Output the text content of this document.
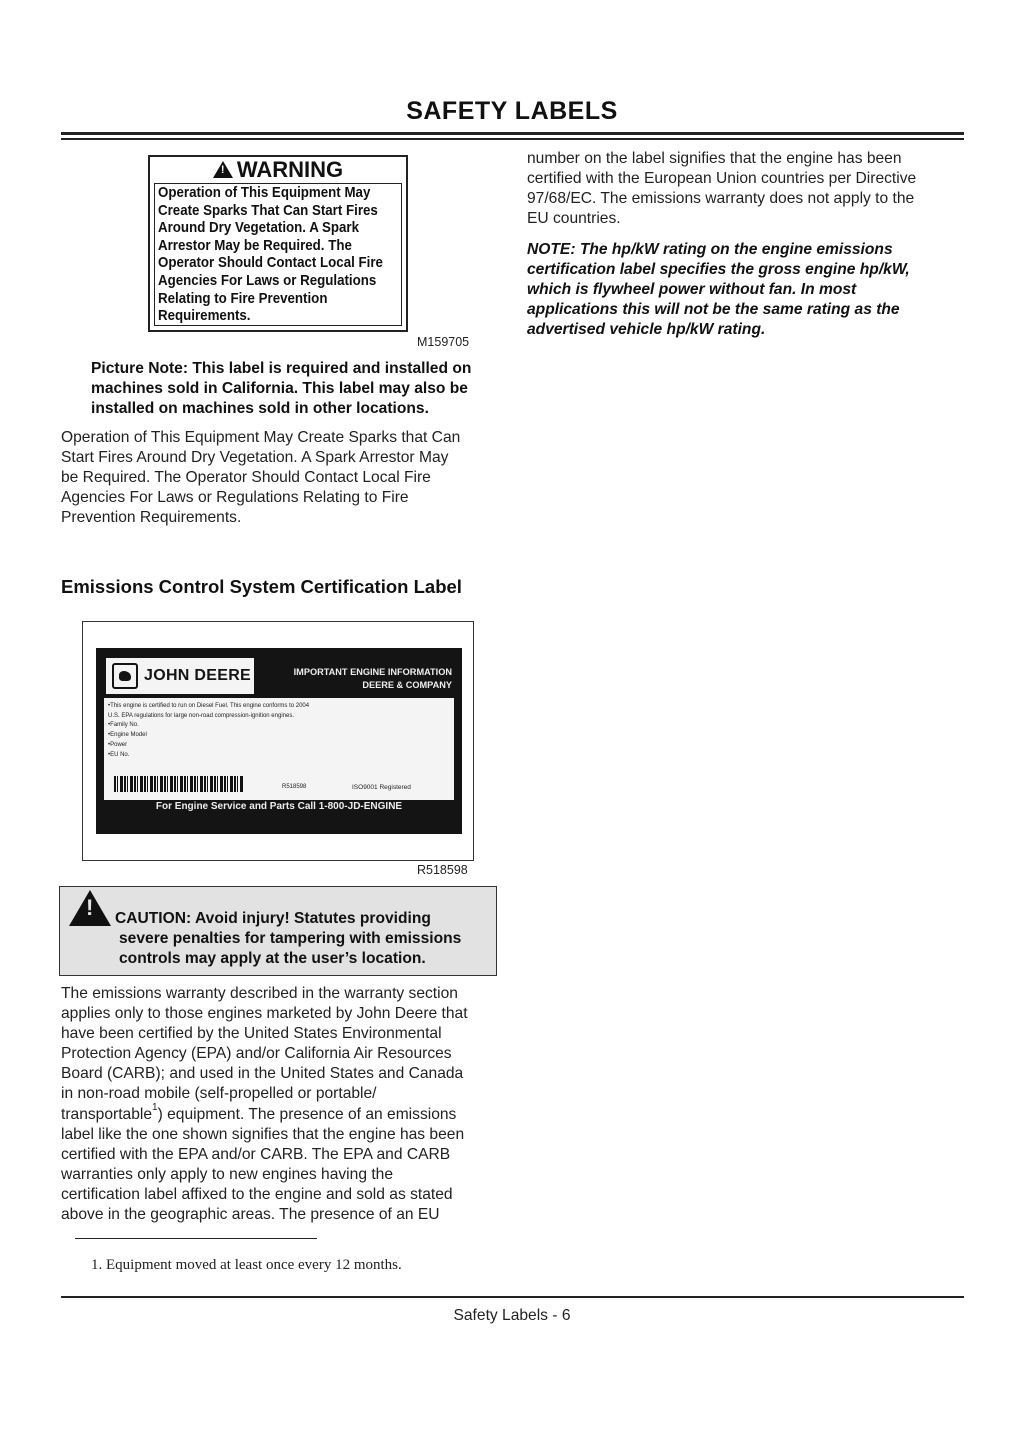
SAFETY LABELS
! WARNING
Operation of This Equipment May
Create Sparks That Can Start Fires
Around Dry Vegetation. A Spark
Arrestor May be Required. The
Operator Should Contact Local Fire
Agencies For Laws or Regulations
Relating to Fire Prevention
Requirements.
M159705
Picture Note: This label is required and installed on
machines sold in California. This label may also be
installed on machines sold in other locations.
Operation of This Equipment May Create Sparks that Can
Start Fires Around Dry Vegetation. A Spark Arrestor May
be Required. The Operator Should Contact Local Fire
Agencies For Laws or Regulations Relating to Fire
Prevention Requirements.
Emissions Control System Certification Label
JOHN DEERE	IMPORTANT ENGINE INFORMATION
DEERE & COMPANY
•This engine is certified to run on Diesel Fuel. This engine conforms to 2004
U.S. EPA regulations for large non-road compression-ignition engines.
•Family No.
•Engine Model
•Power
•EU No.
R518598	ISO9001 Registered
For Engine Service and Parts Call 1-800-JD-ENGINE
R518598
! CAUTION: Avoid injury! Statutes providing
severe penalties for tampering with emissions
controls may apply at the user’s location.
The emissions warranty described in the warranty section
applies only to those engines marketed by John Deere that
have been certified by the United States Environmental
Protection Agency (EPA) and/or California Air Resources
Board (CARB); and used in the United States and Canada
in non-road mobile (self-propelled or portable/
transportable$^1$) equipment. The presence of an emissions
label like the one shown signifies that the engine has been
certified with the EPA and/or CARB. The EPA and CARB
warranties only apply to new engines having the
certification label affixed to the engine and sold as stated
above in the geographic areas. The presence of an EU
number on the label signifies that the engine has been
certified with the European Union countries per Directive
97/68/EC. The emissions warranty does not apply to the
EU countries.
NOTE: The hp/kW rating on the engine emissions
certification label specifies the gross engine hp/kW,
which is flywheel power without fan. In most
applications this will not be the same rating as the
advertised vehicle hp/kW rating.
1. Equipment moved at least once every 12 months.
Safety Labels - 6
